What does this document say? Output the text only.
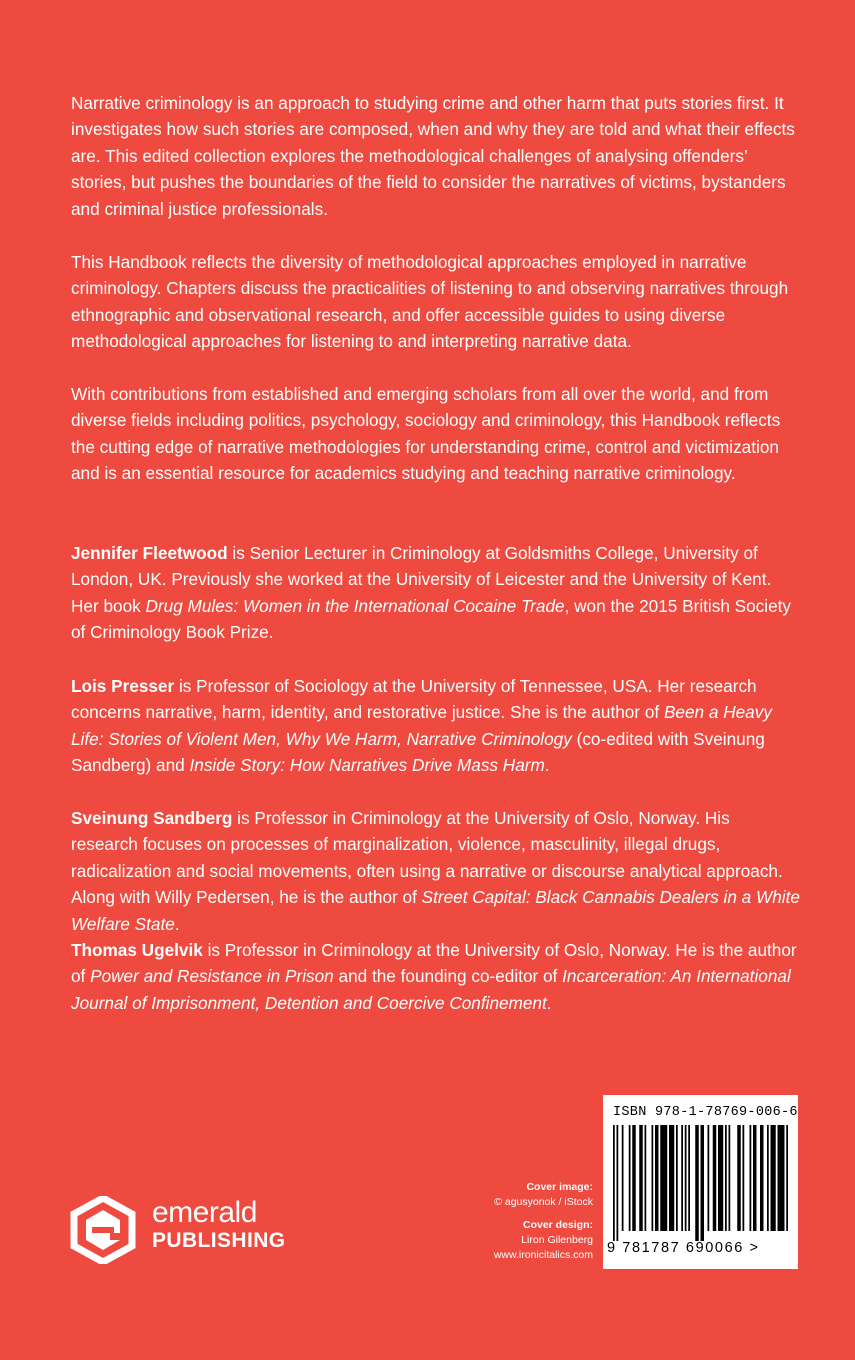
Narrative criminology is an approach to studying crime and other harm that puts stories first. It investigates how such stories are composed, when and why they are told and what their effects are. This edited collection explores the methodological challenges of analysing offenders’ stories, but pushes the boundaries of the field to consider the narratives of victims, bystanders and criminal justice professionals.

This Handbook reflects the diversity of methodological approaches employed in narrative criminology. Chapters discuss the practicalities of listening to and observing narratives through ethnographic and observational research, and offer accessible guides to using diverse methodological approaches for listening to and interpreting narrative data.

With contributions from established and emerging scholars from all over the world, and from diverse fields including politics, psychology, sociology and criminology, this Handbook reflects the cutting edge of narrative methodologies for understanding crime, control and victimization and is an essential resource for academics studying and teaching narrative criminology.

Jennifer Fleetwood is Senior Lecturer in Criminology at Goldsmiths College, University of London, UK. Previously she worked at the University of Leicester and the University of Kent. Her book Drug Mules: Women in the International Cocaine Trade, won the 2015 British Society of Criminology Book Prize.

Lois Presser is Professor of Sociology at the University of Tennessee, USA. Her research concerns narrative, harm, identity, and restorative justice. She is the author of Been a Heavy Life: Stories of Violent Men, Why We Harm, Narrative Criminology (co-edited with Sveinung Sandberg) and Inside Story: How Narratives Drive Mass Harm.

Sveinung Sandberg is Professor in Criminology at the University of Oslo, Norway. His research focuses on processes of marginalization, violence, masculinity, illegal drugs, radicalization and social movements, often using a narrative or discourse analytical approach. Along with Willy Pedersen, he is the author of Street Capital: Black Cannabis Dealers in a White Welfare State.

Thomas Ugelvik is Professor in Criminology at the University of Oslo, Norway. He is the author of Power and Resistance in Prison and the founding co-editor of Incarceration: An International Journal of Imprisonment, Detention and Coercive Confinement.

emerald
PUBLISHING
Cover image:
© agusyonok / iStock
Cover design:
Liron Gilenberg
www.ironicitalics.com
ISBN 978-1-78769-006-6
9 781787 690066 >
